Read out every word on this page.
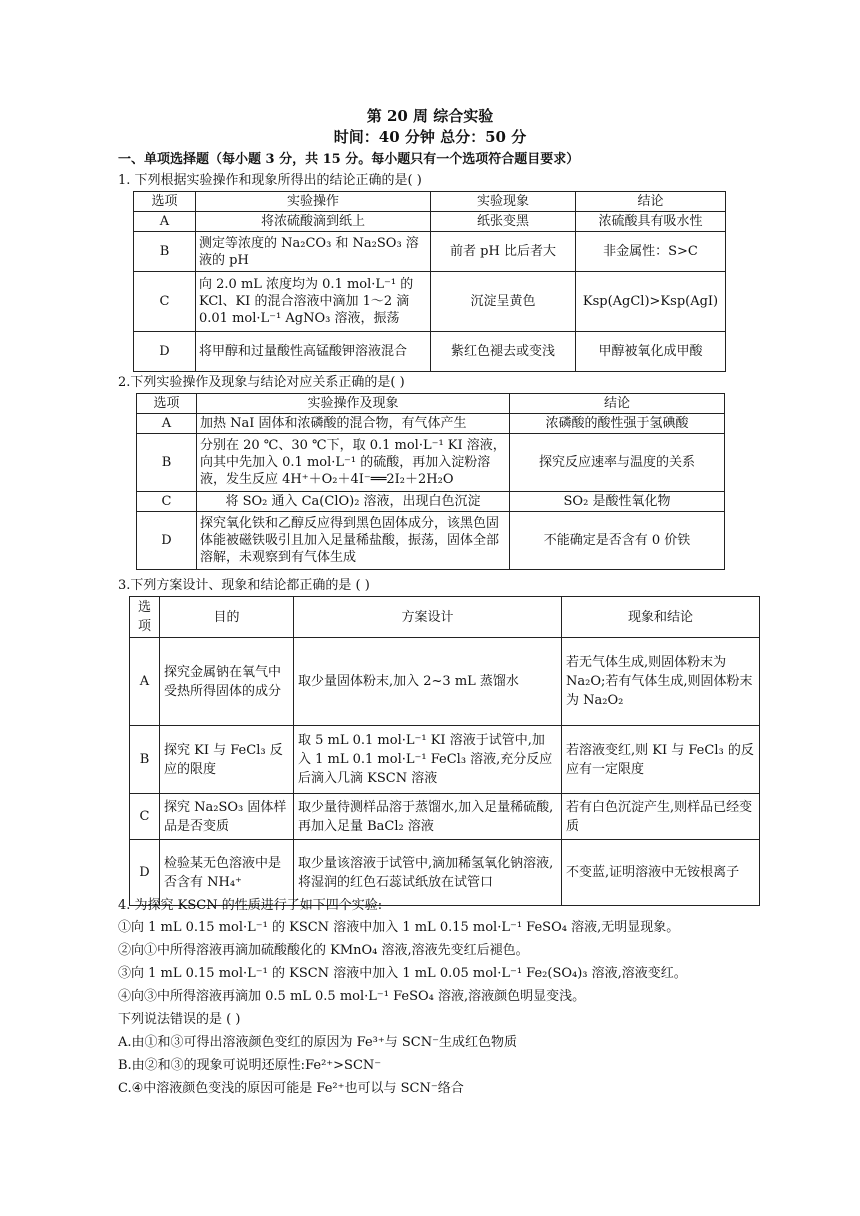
第 20 周 综合实验
时间：40 分钟 总分：50 分
一、单项选择题（每小题 3 分，共 15 分。每小题只有一个选项符合题目要求）
1. 下列根据实验操作和现象所得出的结论正确的是( )
选项	实验操作	实验现象	结论
A	将浓硫酸滴到纸上	纸张变黑	浓硫酸具有吸水性
B	测定等浓度的 Na₂CO₃ 和 Na₂SO₃ 溶液的 pH	前者 pH 比后者大	非金属性：S>C
C	向 2.0 mL 浓度均为 0.1 mol·L⁻¹ 的 KCl、KI 的混合溶液中滴加 1～2 滴 0.01 mol·L⁻¹ AgNO₃ 溶液，振荡	沉淀呈黄色	Ksp(AgCl)>Ksp(AgI)
D	将甲醇和过量酸性高锰酸钾溶液混合	紫红色褪去或变浅	甲醇被氧化成甲酸
2.下列实验操作及现象与结论对应关系正确的是( )
选项	实验操作及现象	结论
A	加热 NaI 固体和浓磷酸的混合物，有气体产生	浓磷酸的酸性强于氢碘酸
B	分别在 20 ℃、30 ℃下，取 0.1 mol·L⁻¹ KI 溶液，向其中先加入 0.1 mol·L⁻¹ 的硫酸，再加入淀粉溶液，发生反应 4H⁺＋O₂＋4I⁻══2I₂＋2H₂O	探究反应速率与温度的关系
C	将 SO₂ 通入 Ca(ClO)₂ 溶液，出现白色沉淀	SO₂ 是酸性氧化物
D	探究氧化铁和乙醇反应得到黑色固体成分，该黑色固体能被磁铁吸引且加入足量稀盐酸，振荡，固体全部溶解，未观察到有气体生成	不能确定是否含有 0 价铁
3.下列方案设计、现象和结论都正确的是 ( )
选项	目的	方案设计	现象和结论
A	探究金属钠在氧气中受热所得固体的成分	取少量固体粉末,加入 2~3 mL 蒸馏水	若无气体生成,则固体粉末为 Na₂O;若有气体生成,则固体粉末为 Na₂O₂
B	探究 KI 与 FeCl₃ 反应的限度	取 5 mL 0.1 mol·L⁻¹ KI 溶液于试管中,加入 1 mL 0.1 mol·L⁻¹ FeCl₃ 溶液,充分反应后滴入几滴 KSCN 溶液	若溶液变红,则 KI 与 FeCl₃ 的反应有一定限度
C	探究 Na₂SO₃ 固体样品是否变质	取少量待测样品溶于蒸馏水,加入足量稀硫酸,再加入足量 BaCl₂ 溶液	若有白色沉淀产生,则样品已经变质
D	检验某无色溶液中是否含有 NH₄⁺	取少量该溶液于试管中,滴加稀氢氧化钠溶液,将湿润的红色石蕊试纸放在试管口	不变蓝,证明溶液中无铵根离子
4. 为探究 KSCN 的性质进行了如下四个实验:
①向 1 mL 0.15 mol·L⁻¹ 的 KSCN 溶液中加入 1 mL 0.15 mol·L⁻¹ FeSO₄ 溶液,无明显现象。
②向①中所得溶液再滴加硫酸酸化的 KMnO₄ 溶液,溶液先变红后褪色。
③向 1 mL 0.15 mol·L⁻¹ 的 KSCN 溶液中加入 1 mL 0.05 mol·L⁻¹ Fe₂(SO₄)₃ 溶液,溶液变红。
④向③中所得溶液再滴加 0.5 mL 0.5 mol·L⁻¹ FeSO₄ 溶液,溶液颜色明显变浅。
下列说法错误的是 ( )
A.由①和③可得出溶液颜色变红的原因为 Fe³⁺与 SCN⁻生成红色物质
B.由②和③的现象可说明还原性:Fe²⁺>SCN⁻
C.④中溶液颜色变浅的原因可能是 Fe²⁺也可以与 SCN⁻络合
